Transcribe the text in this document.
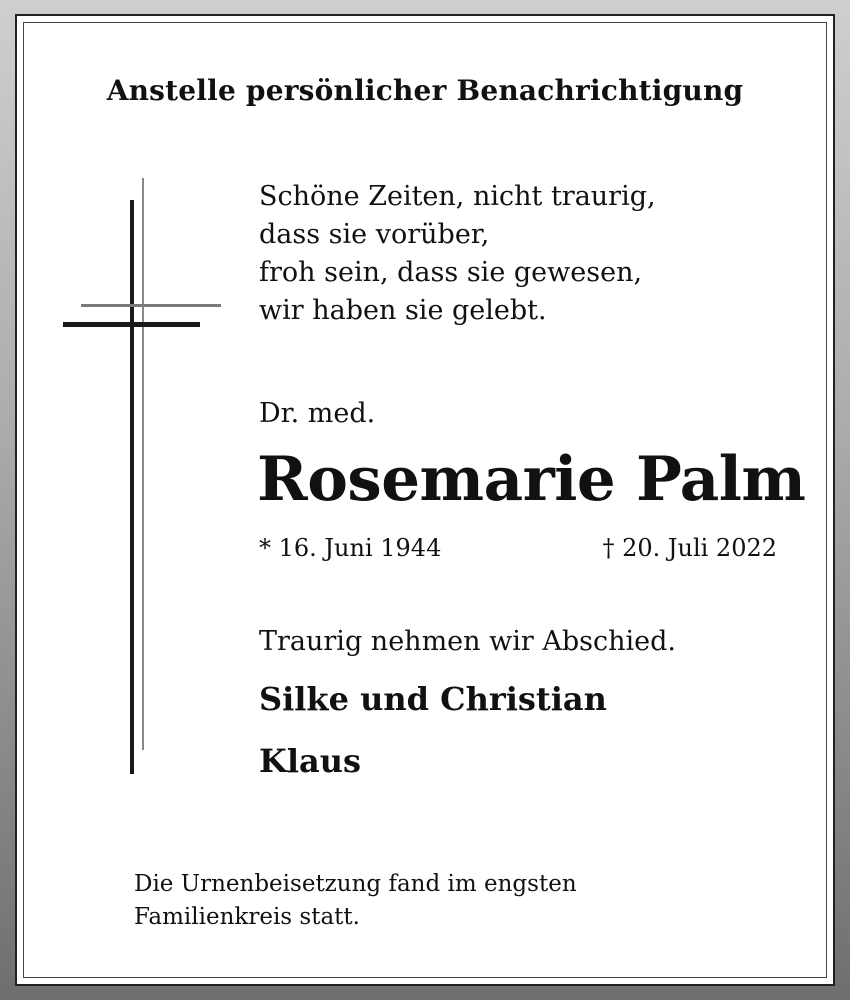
Anstelle persönlicher Benachrichtigung
Schöne Zeiten, nicht traurig,
dass sie vorüber,
froh sein, dass sie gewesen,
wir haben sie gelebt.
Dr. med.
Rosemarie Palm
* 16. Juni 1944	† 20. Juli 2022
Traurig nehmen wir Abschied.
Silke und Christian
Klaus
Die Urnenbeisetzung fand im engsten
Familienkreis statt.
